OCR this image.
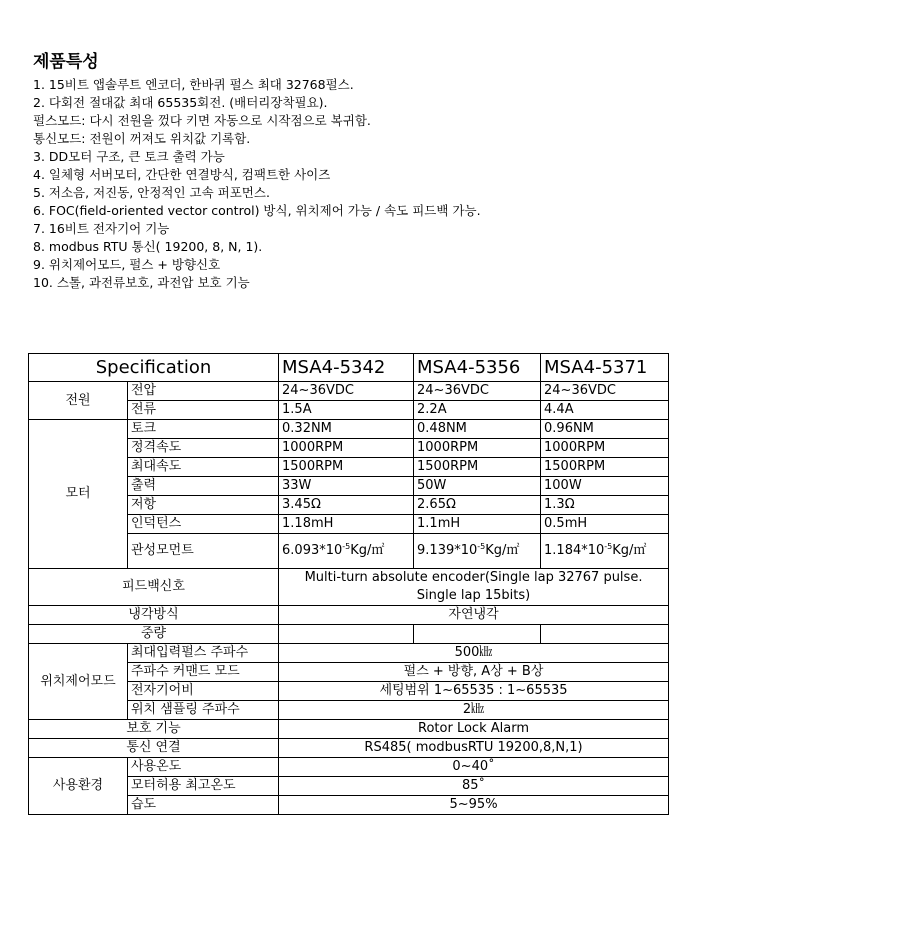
제품특성
1. 15비트 앱솔루트 엔코더, 한바퀴 펄스 최대 32768펄스.
2. 다회전 절대값 최대 65535회전. (배터리장착필요).
펄스모드: 다시 전원을 껐다 키면 자동으로 시작점으로 복귀함.
통신모드: 전원이 꺼져도 위치값 기록함.
3. DD모터 구조, 큰 토크 출력 가능
4. 일체형 서버모터, 간단한 연결방식, 컴팩트한 사이즈
5. 저소음, 저진동, 안정적인 고속 퍼포먼스.
6. FOC(field-oriented vector control) 방식, 위치제어 가능 / 속도 피드백 가능.
7. 16비트 전자기어 기능
8. modbus RTU 통신( 19200, 8, N, 1).
9. 위치제어모드, 펄스 + 방향신호
10. 스톨, 과전류보호, 과전압 보호 기능
Specification		MSA4-5342	MSA4-5356	MSA4-5371
전원	전압	24~36VDC	24~36VDC	24~36VDC
	전류	1.5A	2.2A	4.4A
모터	토크	0.32NM	0.48NM	0.96NM
	정격속도	1000RPM	1000RPM	1000RPM
	최대속도	1500RPM	1500RPM	1500RPM
	출력	33W	50W	100W
	저항	3.45Ω	2.65Ω	1.3Ω
	인덕턴스	1.18mH	1.1mH	0.5mH
	관성모먼트	$6.093*10^{-5}Kg/㎡$	$9.139*10^{-5}Kg/㎡$	$1.184*10^{-5}Kg/㎡$
피드백신호		Multi-turn absolute encoder(Single lap 32767 pulse.
Single lap 15bits)		
냉각방식		자연냉각		
중량				
위치제어모드	최대입력펄스 주파수	500㎑		
	주파수 커맨드 모드	펄스 + 방향, A상 + B상		
	전자기어비	세팅범위 1~65535 : 1~65535		
	위치 샘플링 주파수	2㎑		
보호 기능		Rotor Lock Alarm		
통신 연결		RS485( modbusRTU 19200,8,N,1)		
사용환경	사용온도	0~40˚		
	모터허용 최고온도	85˚		
	습도	5~95%		
